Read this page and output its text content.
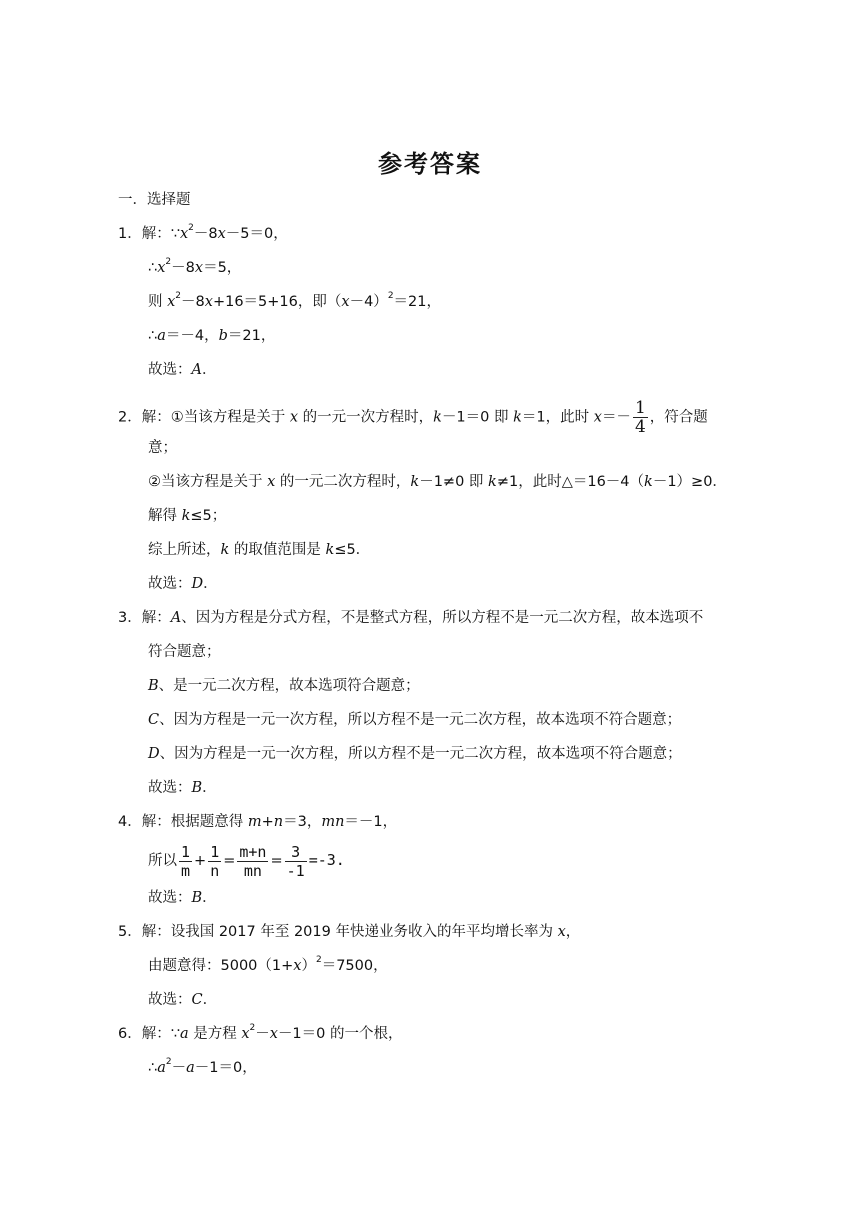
参考答案
一．选择题
1．解：$\because x^2-8x-5=0$，
$\therefore x^2-8x=5$，
则 $x^2-8x+16=5+16$，即$(x-4)^2=21$，
∴a＝－4，b＝21，
故选：A．
2．解：①当该方程是关于 x 的一元一次方程时，k－1＝0 即 k＝1，此时 $x=- \frac{1}{4}$ ，符合题
意；
②当该方程是关于 x 的一元二次方程时，k－1≠0 即 k≠1，此时△＝16－4（k－1）≥0．
解得 k≤5；
综上所述，k 的取值范围是 k≤5．
故选：D．
3．解：A、因为方程是分式方程，不是整式方程，所以方程不是一元二次方程，故本选项不
符合题意；
B、是一元二次方程，故本选项符合题意；
C、因为方程是一元一次方程，所以方程不是一元二次方程，故本选项不符合题意；
D、因为方程是一元一次方程，所以方程不是一元二次方程，故本选项不符合题意；
故选：B．
4．解：根据题意得 m+n＝3，mn＝－1，
所以 $\frac{1}{m} + \frac{1}{n} = \frac{m+n}{mn} = \frac{3}{-1} =-3$.
故选：B．
5．解：设我国 2017 年至 2019 年快递业务收入的年平均增长率为 x，
由题意得：$5000(1+x)^2=7500$，
故选：C．
6．解：∵a 是方程 $x^2-x-1=0$ 的一个根，
$\therefore a^2-a-1=0$，
